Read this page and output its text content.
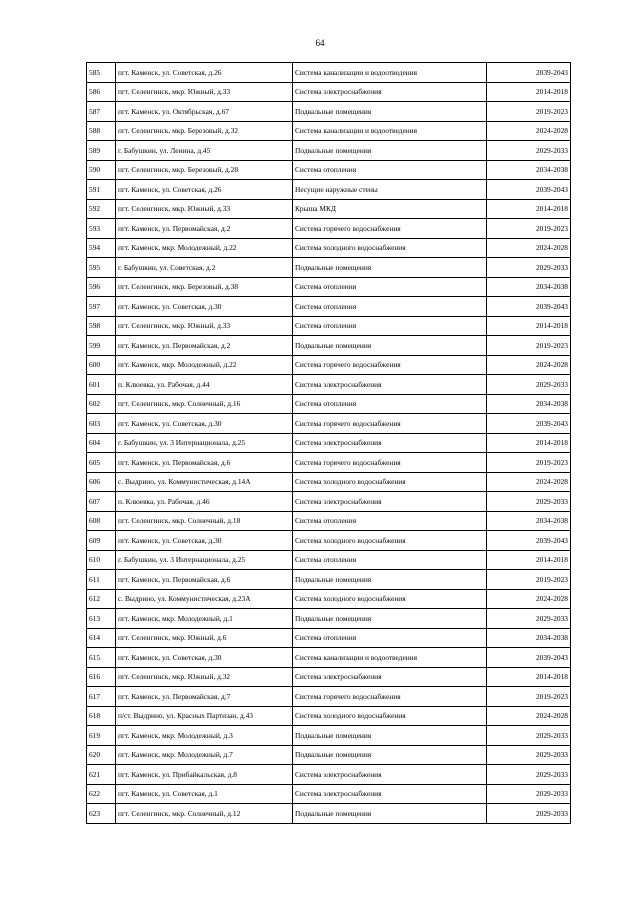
64
585	пгт. Каменск, ул. Советская, д.26	Система канализации и водоотведения	2039-2043
586	пгт. Селенгинск, мкр. Южный, д.33	Система электроснабжения	2014-2018
587	пгт. Каменск, ул. Октябрьская, д.67	Подвальные помещения	2019-2023
588	пгт. Селенгинск, мкр. Березовый, д.32	Система канализации и водоотведения	2024-2028
589	г. Бабушкин, ул. Ленина, д.45	Подвальные помещения	2029-2033
590	пгт. Селенгинск, мкр. Березовый, д.28	Система отопления	2034-2038
591	пгт. Каменск, ул. Советская, д.26	Несущие наружные стены	2039-2043
592	пгт. Селенгинск, мкр. Южный, д.33	Крыша МКД	2014-2018
593	пгт. Каменск, ул. Первомайская, д.2	Система горячего водоснабжения	2019-2023
594	пгт. Каменск, мкр. Молодежный, д.22	Система холодного водоснабжения	2024-2028
595	г. Бабушкин, ул. Советская, д.2	Подвальные помещения	2029-2033
596	пгт. Селенгинск, мкр. Березовый, д.38	Система отопления	2034-2038
597	пгт. Каменск, ул. Советская, д.30	Система отопления	2039-2043
598	пгт. Селенгинск, мкр. Южный, д.33	Система отопления	2014-2018
599	пгт. Каменск, ул. Первомайская, д.2	Подвальные помещения	2019-2023
600	пгт. Каменск, мкр. Молодежный, д.22	Система горячего водоснабжения	2024-2028
601	п. Клюевка, ул. Рабочая, д.44	Система электроснабжения	2029-2033
602	пгт. Селенгинск, мкр. Солнечный, д.16	Система отопления	2034-2038
603	пгт. Каменск, ул. Советская, д.30	Система горячего водоснабжения	2039-2043
604	г. Бабушкин, ул. 3 Интернационала, д.25	Система электроснабжения	2014-2018
605	пгт. Каменск, ул. Первомайская, д.6	Система горячего водоснабжения	2019-2023
606	с. Выдрино, ул. Коммунистическая, д.14А	Система холодного водоснабжения	2024-2028
607	п. Клюевка, ул. Рабочая, д.46	Система электроснабжения	2029-2033
608	пгт. Селенгинск, мкр. Солнечный, д.18	Система отопления	2034-2038
609	пгт. Каменск, ул. Советская, д.30	Система холодного водоснабжения	2039-2043
610	г. Бабушкин, ул. 3 Интернационала, д.25	Система отопления	2014-2018
611	пгт. Каменск, ул. Первомайская, д.6	Подвальные помещения	2019-2023
612	с. Выдрино, ул. Коммунистическая, д.23А	Система холодного водоснабжения	2024-2028
613	пгт. Каменск, мкр. Молодежный, д.1	Подвальные помещения	2029-2033
614	пгт. Селенгинск, мкр. Южный, д.6	Система отопления	2034-2038
615	пгт. Каменск, ул. Советская, д.30	Система канализации и водоотведения	2039-2043
616	пгт. Селенгинск, мкр. Южный, д.32	Система электроснабжения	2014-2018
617	пгт. Каменск, ул. Первомайская, д.7	Система горячего водоснабжения	2019-2023
618	п/ст. Выдрино, ул. Красных Партизан, д.43	Система холодного водоснабжения	2024-2028
619	пгт. Каменск, мкр. Молодежный, д.3	Подвальные помещения	2029-2033
620	пгт. Каменск, мкр. Молодежный, д.7	Подвальные помещения	2029-2033
621	пгт. Каменск, ул. Прибайкальская, д.8	Система электроснабжения	2029-2033
622	пгт. Каменск, ул. Советская, д.1	Система электроснабжения	2029-2033
623	пгт. Селенгинск, мкр. Солнечный, д.12	Подвальные помещения	2029-2033
